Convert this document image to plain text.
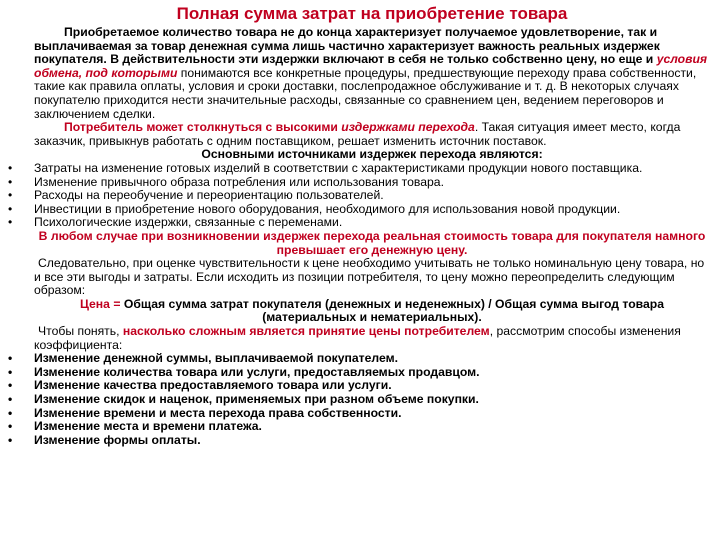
Полная сумма затрат на приобретение товара

Приобретаемое количество товара не до конца характеризует получаемое удовлетворение, так и выплачиваемая за товар денежная сумма лишь частично характеризует важность реальных издержек покупателя. В действительности эти издержки включают в себя не только собственно цену, но еще и условия обмена, под которыми понимаются все конкретные процедуры, предшествующие переходу права собственности, такие как правила оплаты, условия и сроки доставки, послепродажное обслуживание и т. д. В некоторых случаях покупателю приходится нести значительные расходы, связанные со сравнением цен, ведением переговоров и заключением сделки.

Потребитель может столкнуться с высокими издержками перехода. Такая ситуация имеет место, когда заказчик, привыкнув работать с одним поставщиком, решает изменить источник поставок.

Основными источниками издержек перехода являются:

• Затраты на изменение готовых изделий в соответствии с характеристиками продукции нового поставщика.
• Изменение привычного образа потребления или использования товара.
• Расходы на переобучение и переориентацию пользователей.
• Инвестиции в приобретение нового оборудования, необходимого для использования новой продукции.
• Психологические издержки, связанные с переменами.

В любом случае при возникновении издержек перехода реальная стоимость товара для покупателя намного превышает его денежную цену.

Следовательно, при оценке чувствительности к цене необходимо учитывать не только номинальную цену товара, но и все эти выгоды и затраты. Если исходить из позиции потребителя, то цену можно переопределить следующим образом:

Цена = Общая сумма затрат покупателя (денежных и неденежных) / Общая сумма выгод товара (материальных и нематериальных).

Чтобы понять, насколько сложным является принятие цены потребителем, рассмотрим способы изменения коэффициента:

• Изменение денежной суммы, выплачиваемой покупателем.
• Изменение количества товара или услуги, предоставляемых продавцом.
• Изменение качества предоставляемого товара или услуги.
• Изменение скидок и наценок, применяемых при разном объеме покупки.
• Изменение времени и места перехода права собственности.
• Изменение места и времени платежа.
• Изменение формы оплаты.
